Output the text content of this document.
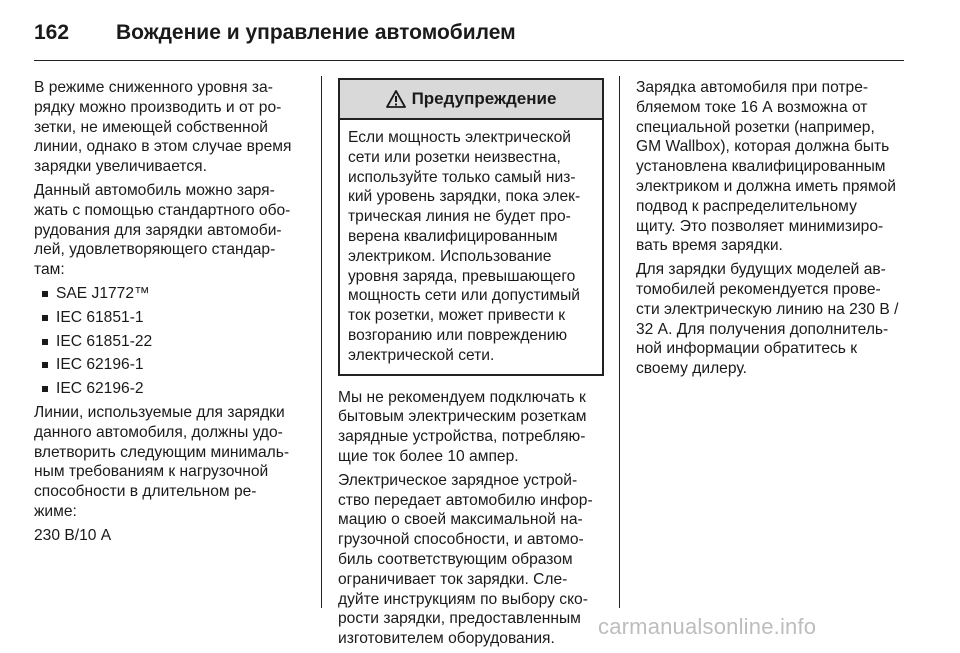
162	Вождение и управление автомобилем

В режиме сниженного уровня за-
рядку можно производить и от ро-
зетки, не имеющей собственной
линии, однако в этом случае время
зарядки увеличивается.

Данный автомобиль можно заря-
жать с помощью стандартного обо-
рудования для зарядки автомоби-
лей, удовлетворяющего стандар-
там:

SAE J1772™
IEC 61851-1
IEC 61851-22
IEC 62196-1
IEC 62196-2

Линии, используемые для зарядки
данного автомобиля, должны удо-
влетворить следующим минималь-
ным требованиям к нагрузочной
способности в длительном ре-
жиме:

230 В/10 А

Предупреждение
Если мощность электрической
сети или розетки неизвестна,
используйте только самый низ-
кий уровень зарядки, пока элек-
трическая линия не будет про-
верена квалифицированным
электриком. Использование
уровня заряда, превышающего
мощность сети или допустимый
ток розетки, может привести к
возгоранию или повреждению
электрической сети.

Мы не рекомендуем подключать к
бытовым электрическим розеткам
зарядные устройства, потребляю-
щие ток более 10 ампер.

Электрическое зарядное устрой-
ство передает автомобилю инфор-
мацию о своей максимальной на-
грузочной способности, и автомо-
биль соответствующим образом
ограничивает ток зарядки. Сле-
дуйте инструкциям по выбору ско-
рости зарядки, предоставленным
изготовителем оборудования.

Зарядка автомобиля при потре-
бляемом токе 16 А возможна от
специальной розетки (например,
GM Wallbox), которая должна быть
установлена квалифицированным
электриком и должна иметь прямой
подвод к распределительному
щиту. Это позволяет минимизиро-
вать время зарядки.

Для зарядки будущих моделей ав-
томобилей рекомендуется прове-
сти электрическую линию на 230 В /
32 А. Для получения дополнитель-
ной информации обратитесь к
своему дилеру.

carmanualsonline.info
